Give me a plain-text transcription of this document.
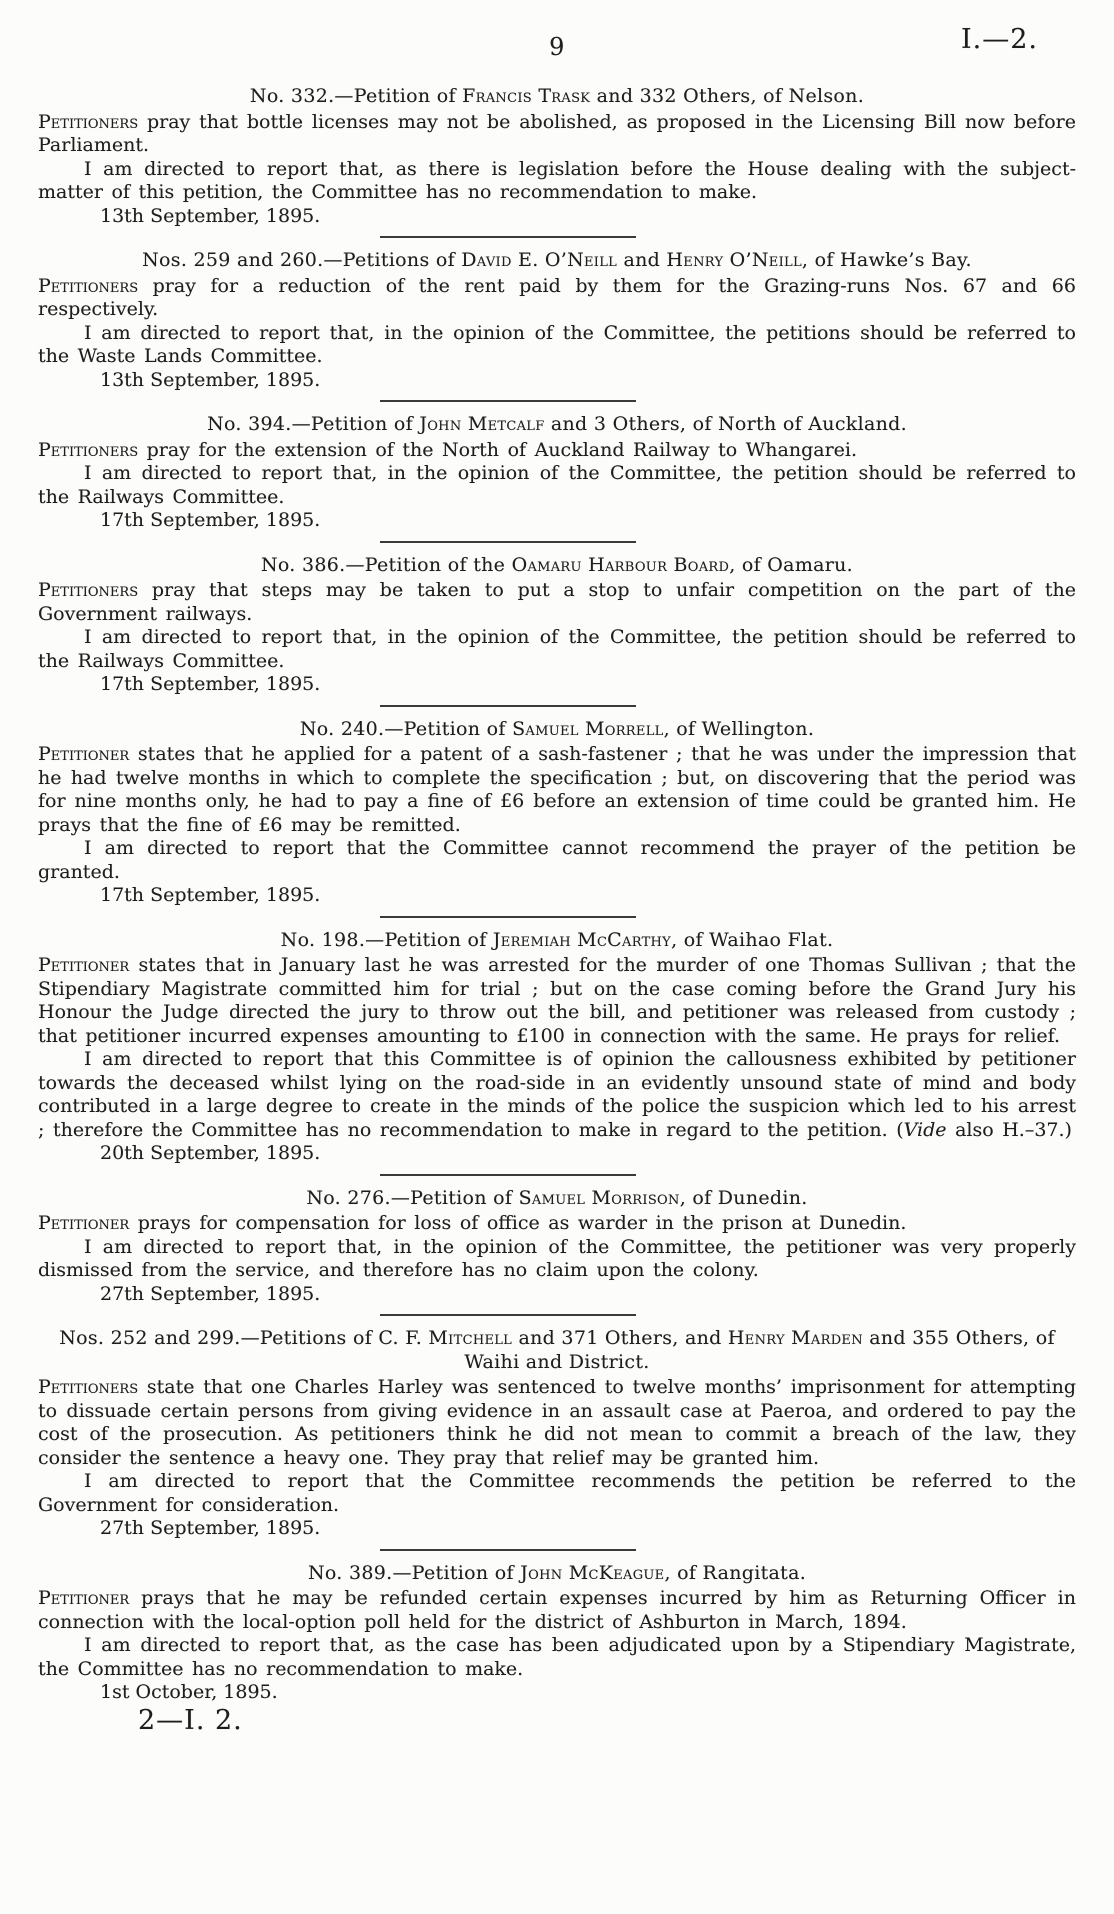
9	I.—2.
No. 332.—Petition of Francis Trask and 332 Others, of Nelson.

Petitioners pray that bottle licenses may not be abolished, as proposed in the Licensing Bill now before Parliament.

I am directed to report that, as there is legislation before the House dealing with the subject-matter of this petition, the Committee has no recommendation to make.

13th September, 1895.

Nos. 259 and 260.—Petitions of David E. O’Neill and Henry O’Neill, of Hawke’s Bay.

Petitioners pray for a reduction of the rent paid by them for the Grazing-runs Nos. 67 and 66 respectively.

I am directed to report that, in the opinion of the Committee, the petitions should be referred to the Waste Lands Committee.

13th September, 1895.

No. 394.—Petition of John Metcalf and 3 Others, of North of Auckland.

Petitioners pray for the extension of the North of Auckland Railway to Whangarei.

I am directed to report that, in the opinion of the Committee, the petition should be referred to the Railways Committee.

17th September, 1895.

No. 386.—Petition of the Oamaru Harbour Board, of Oamaru.

Petitioners pray that steps may be taken to put a stop to unfair competition on the part of the Government railways.

I am directed to report that, in the opinion of the Committee, the petition should be referred to the Railways Committee.

17th September, 1895.

No. 240.—Petition of Samuel Morrell, of Wellington.

Petitioner states that he applied for a patent of a sash-fastener ; that he was under the impression that he had twelve months in which to complete the specification ; but, on discovering that the period was for nine months only, he had to pay a fine of £6 before an extension of time could be granted him. He prays that the fine of £6 may be remitted.

I am directed to report that the Committee cannot recommend the prayer of the petition be granted.

17th September, 1895.

No. 198.—Petition of Jeremiah McCarthy, of Waihao Flat.

Petitioner states that in January last he was arrested for the murder of one Thomas Sullivan ; that the Stipendiary Magistrate committed him for trial ; but on the case coming before the Grand Jury his Honour the Judge directed the jury to throw out the bill, and petitioner was released from custody ; that petitioner incurred expenses amounting to £100 in connection with the same. He prays for relief.

I am directed to report that this Committee is of opinion the callousness exhibited by petitioner towards the deceased whilst lying on the road-side in an evidently unsound state of mind and body contributed in a large degree to create in the minds of the police the suspicion which led to his arrest ; therefore the Committee has no recommendation to make in regard to the petition. (Vide also H.–37.)

20th September, 1895.

No. 276.—Petition of Samuel Morrison, of Dunedin.

Petitioner prays for compensation for loss of office as warder in the prison at Dunedin.

I am directed to report that, in the opinion of the Committee, the petitioner was very properly dismissed from the service, and therefore has no claim upon the colony.

27th September, 1895.

Nos. 252 and 299.—Petitions of C. F. Mitchell and 371 Others, and Henry Marden and 355 Others, of Waihi and District.

Petitioners state that one Charles Harley was sentenced to twelve months’ imprisonment for attempting to dissuade certain persons from giving evidence in an assault case at Paeroa, and ordered to pay the cost of the prosecution. As petitioners think he did not mean to commit a breach of the law, they consider the sentence a heavy one. They pray that relief may be granted him.

I am directed to report that the Committee recommends the petition be referred to the Government for consideration.

27th September, 1895.

No. 389.—Petition of John McKeague, of Rangitata.

Petitioner prays that he may be refunded certain expenses incurred by him as Returning Officer in connection with the local-option poll held for the district of Ashburton in March, 1894.

I am directed to report that, as the case has been adjudicated upon by a Stipendiary Magistrate, the Committee has no recommendation to make.

1st October, 1895.

2—I. 2.
